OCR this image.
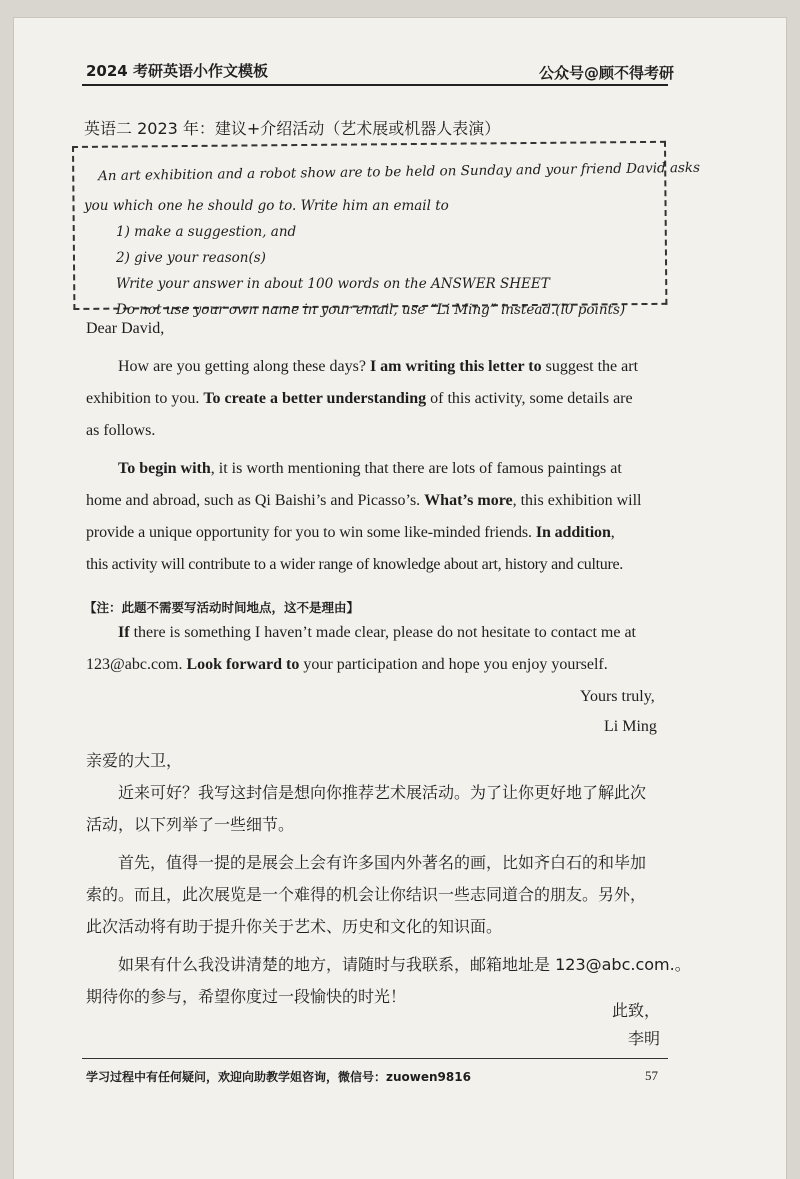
2024 考研英语小作文模板	公众号@顾不得考研
英语二 2023 年：建议+介绍活动（艺术展或机器人表演）
An art exhibition and a robot show are to be held on Sunday and your friend David asks
you which one he should go to. Write him an email to
1) make a suggestion, and
2) give your reason(s)
Write your answer in about 100 words on the ANSWER SHEET
Do not use your own name in your email, use “Li Ming” instead.(l0 points)
Dear David,
How are you getting along these days? I am writing this letter to suggest the art
exhibition to you. To create a better understanding of this activity, some details are
as follows.
To begin with, it is worth mentioning that there are lots of famous paintings at
home and abroad, such as Qi Baishi’s and Picasso’s. What’s more, this exhibition will
provide a unique opportunity for you to win some like-minded friends. In addition,
this activity will contribute to a wider range of knowledge about art, history and culture.
【注：此题不需要写活动时间地点，这不是理由】
If there is something I haven’t made clear, please do not hesitate to contact me at
123@abc.com. Look forward to your participation and hope you enjoy yourself.
Yours truly,
Li Ming
亲爱的大卫，
近来可好？我写这封信是想向你推荐艺术展活动。为了让你更好地了解此次
活动，以下列举了一些细节。
首先，值得一提的是展会上会有许多国内外著名的画，比如齐白石的和毕加
索的。而且，此次展览是一个难得的机会让你结识一些志同道合的朋友。另外，
此次活动将有助于提升你关于艺术、历史和文化的知识面。
如果有什么我没讲清楚的地方，请随时与我联系，邮箱地址是 123@abc.com.。
期待你的参与，希望你度过一段愉快的时光！
此致，
李明
学习过程中有任何疑问，欢迎向助教学姐咨询，微信号：zuowen9816	57
